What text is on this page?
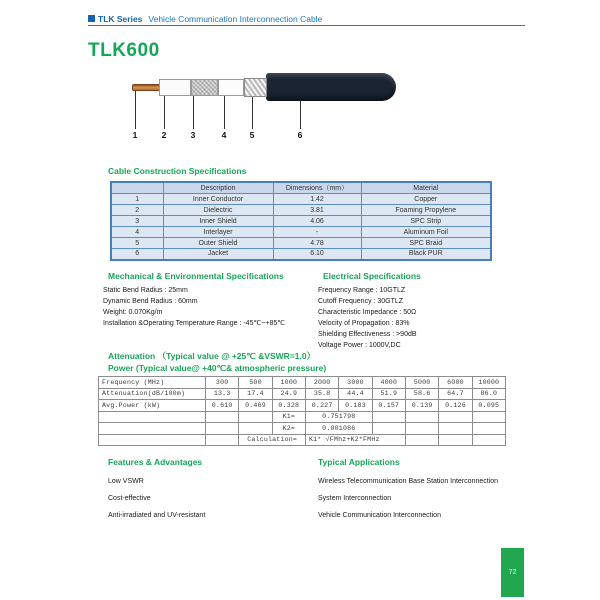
TLK Series Vehicle Communication Interconnection Cable
TLK600
1	2	3	4	5	6
Cable Construction Specifications
	Description	Dimensions（mm）	Material
1	Inner Conductor	1.42	Copper
2	Dielectric	3.81	Foaming Propylene
3	Inner Shield	4.06	SPC Strip
4	Interlayer	-	Aluminum Foil
5	Outer Shield	4.78	SPC Braid
6	Jacket	6.10	Black PUR
Mechanical & Environmental Specifications
Static Bend Radius : 25mm
Dynamic Bend Radius : 60mm
Weight: 0.070Kg/m
Installation &Operating Temperature Range : -45℃~+85℃
Electrical Specifications
Frequency Range : 10GTLZ
Cutoff Frequency : 30GTLZ
Characteristic Impedance : 50Ω
Velocity of Propagation : 83%
Shielding Effectiveness : >90dB
Voltage Power : 1000V,DC
Attenuation （Typical value @ +25℃ &VSWR=1.0）
Power (Typical value@ +40℃& atmospheric pressure)
Frequency (MHz)	300	500	1000	2000	3000	4000	5000	6000	10000
Attenuation(dB/100m)	13.3	17.4	24.9	35.8	44.4	51.9	58.6	64.7	86.0
Avg.Power (kW)	0.610	0.469	0.328	0.227	0.183	0.157	0.139	0.126	0.095
			K1=	0.751798					
			K2=	0.001086					
		Calculation=		K1* √FMhz+K2*FMHz					
Features & Advantages
Low VSWR
Cost-effective
Anti-irradiated and UV-resistant
Typical Applications
Wireless Telecommunication Base Station Interconnection
System Interconnection
Vehicle Communication Interconnection
72
